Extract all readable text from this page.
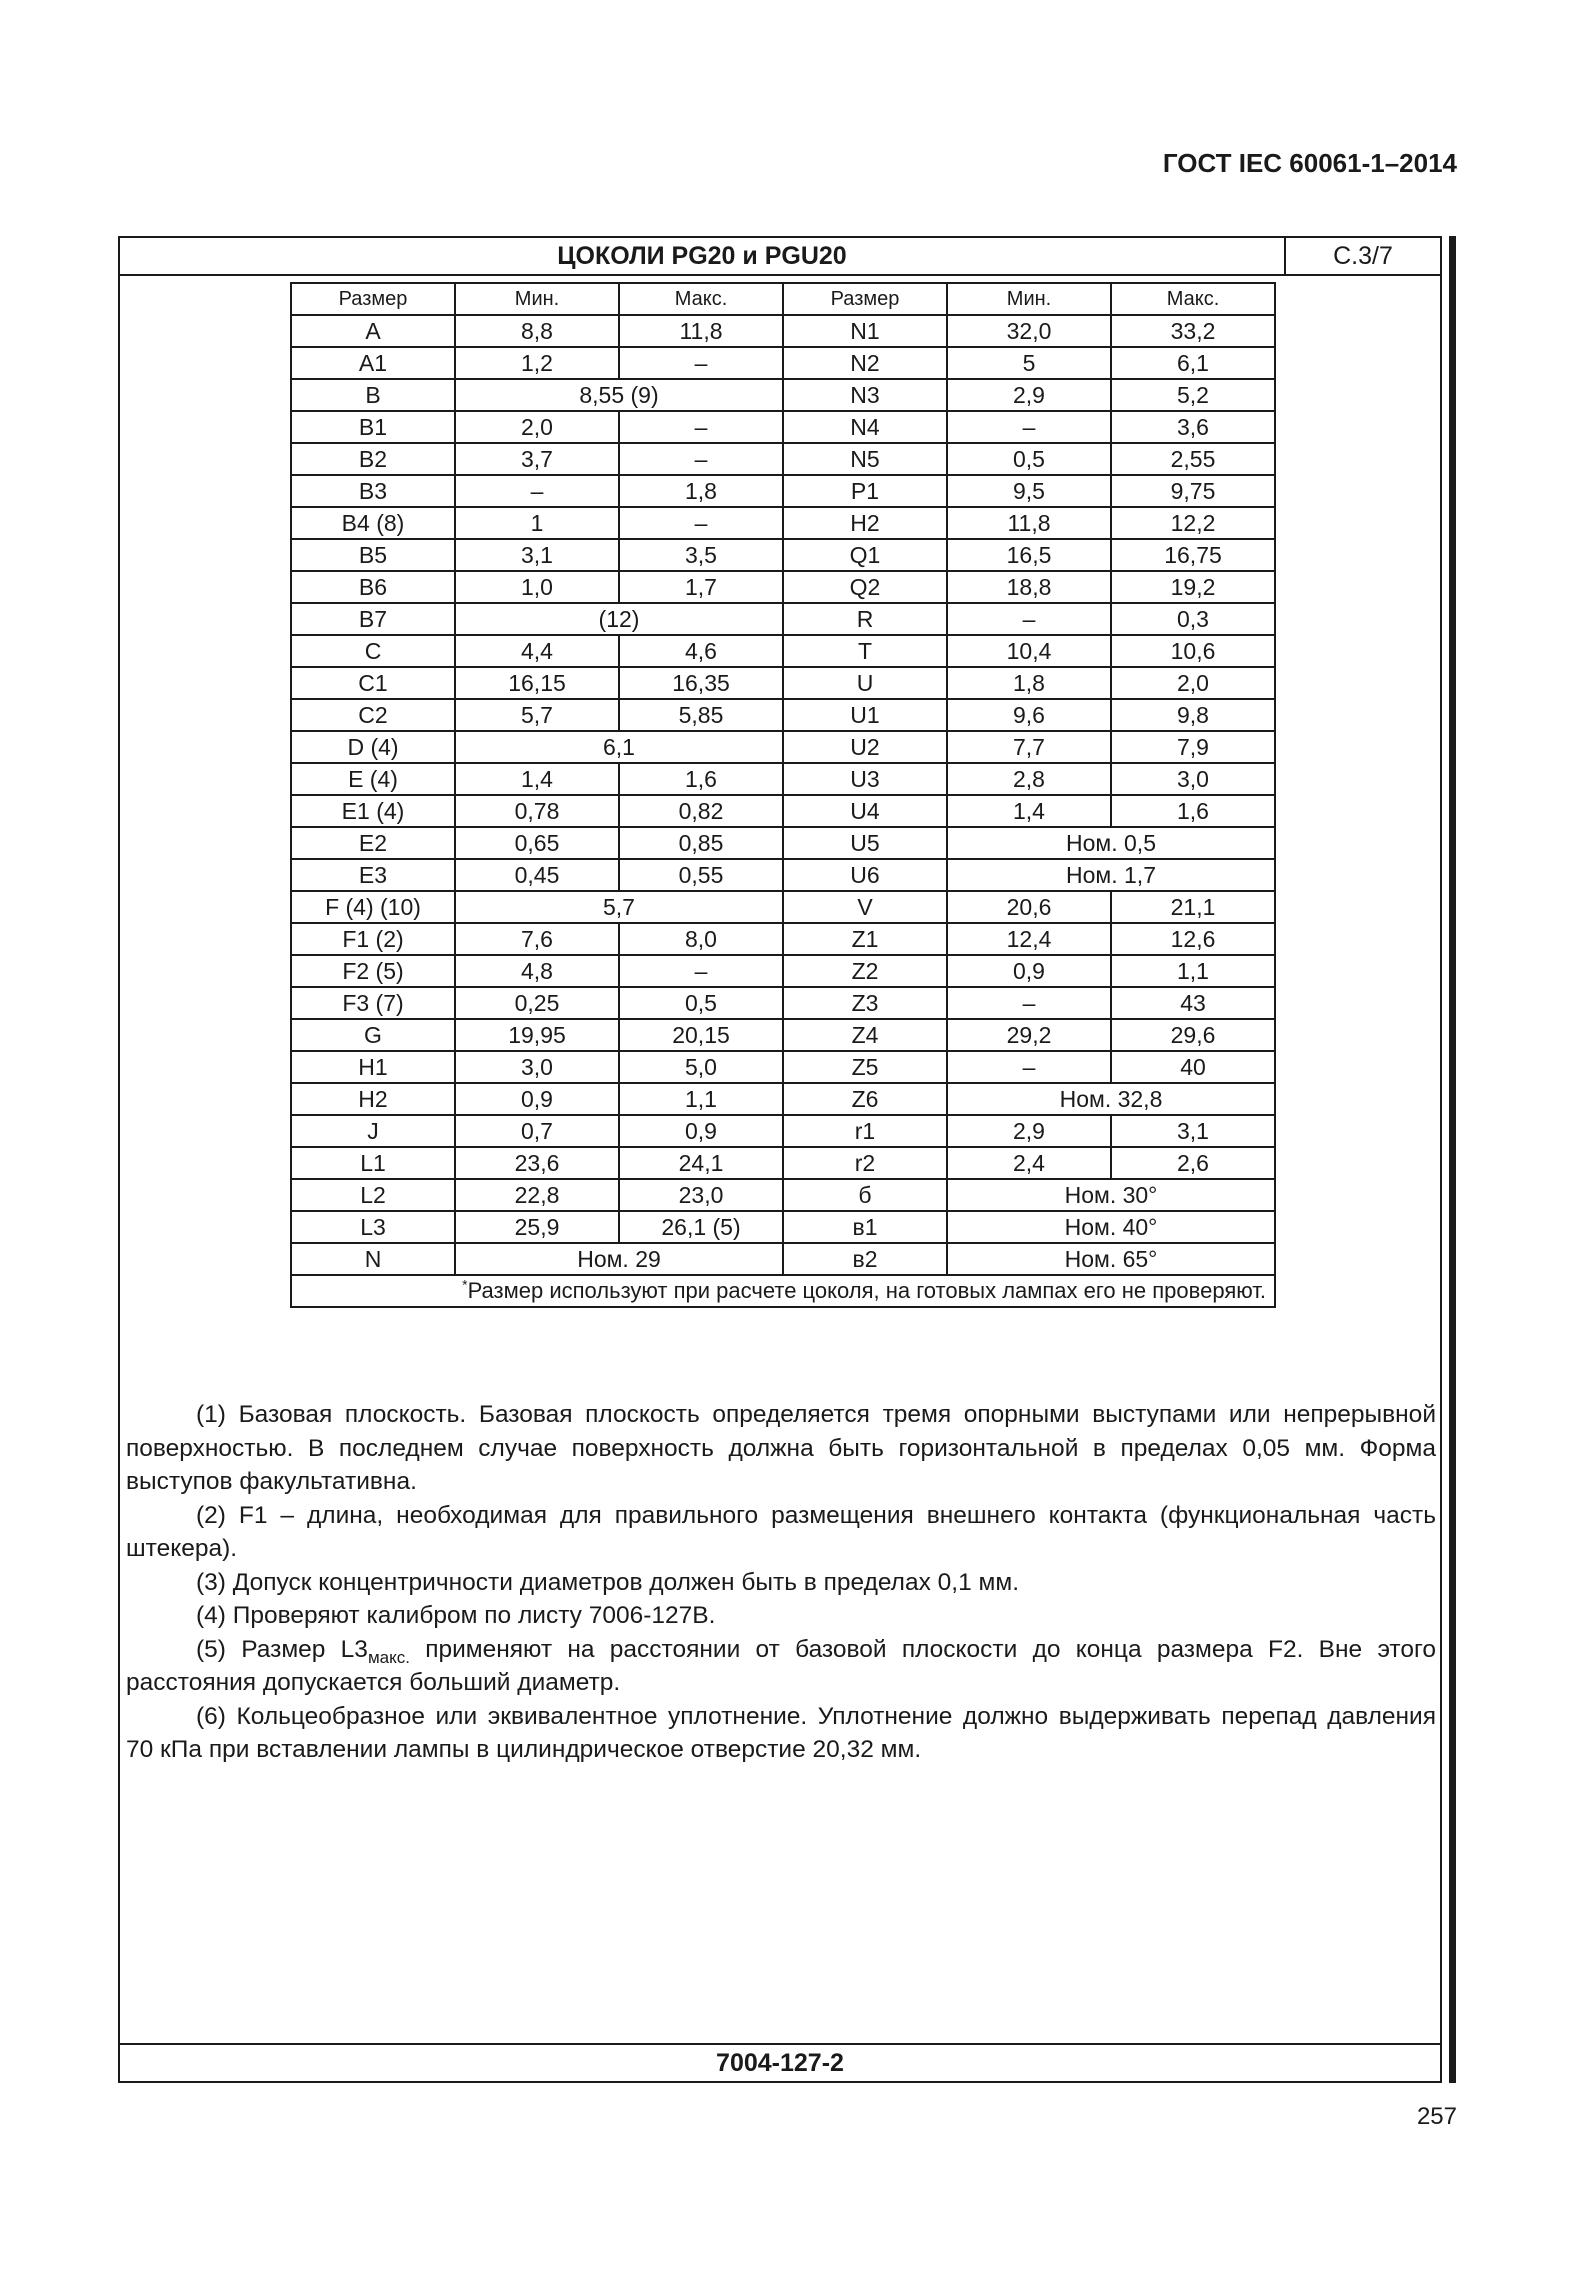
ГОСТ IEC 60061-1–2014
ЦОКОЛИ PG20 и PGU20	С.3/7
Размер	Мин.	Макс.	Размер	Мин.	Макс.
A	8,8	11,8	N1	32,0	33,2
A1	1,2	–	N2	5	6,1
B	8,55 (9)		N3	2,9	5,2
B1	2,0	–	N4	–	3,6
B2	3,7	–	N5	0,5	2,55
B3	–	1,8	P1	9,5	9,75
B4 (8)	1	–	H2	11,8	12,2
B5	3,1	3,5	Q1	16,5	16,75
B6	1,0	1,7	Q2	18,8	19,2
B7	(12)		R	–	0,3
C	4,4	4,6	T	10,4	10,6
C1	16,15	16,35	U	1,8	2,0
C2	5,7	5,85	U1	9,6	9,8
D (4)	6,1		U2	7,7	7,9
E (4)	1,4	1,6	U3	2,8	3,0
E1 (4)	0,78	0,82	U4	1,4	1,6
E2	0,65	0,85	U5	Ном. 0,5	
E3	0,45	0,55	U6	Ном. 1,7	
F (4) (10)	5,7		V	20,6	21,1
F1 (2)	7,6	8,0	Z1	12,4	12,6
F2 (5)	4,8	–	Z2	0,9	1,1
F3 (7)	0,25	0,5	Z3	–	43
G	19,95	20,15	Z4	29,2	29,6
H1	3,0	5,0	Z5	–	40
H2	0,9	1,1	Z6	Ном. 32,8	
J	0,7	0,9	r1	2,9	3,1
L1	23,6	24,1	r2	2,4	2,6
L2	22,8	23,0	б	Ном. 30°	
L3	25,9	26,1 (5)	в1	Ном. 40°	
N	Ном. 29		в2	Ном. 65°	
*Размер используют при расчете цоколя, на готовых лампах его не проверяют.					
7004-127-2

(1) Базовая плоскость. Базовая плоскость определяется тремя опорными выступами или непрерывной поверхностью. В последнем случае поверхность должна быть горизонтальной в пределах 0,05 мм. Форма выступов факультативна.

(2) F1 – длина, необходимая для правильного размещения внешнего контакта (функциональная часть штекера).

(3) Допуск концентричности диаметров должен быть в пределах 0,1 мм.

(4) Проверяют калибром по листу 7006-127В.

(5) Размер $L3_{макс.}$ применяют на расстоянии от базовой плоскости до конца размера F2. Вне этого расстояния допускается больший диаметр.

(6) Кольцеобразное или эквивалентное уплотнение. Уплотнение должно выдерживать перепад давления 70 кПа при вставлении лампы в цилиндрическое отверстие 20,32 мм.

257
